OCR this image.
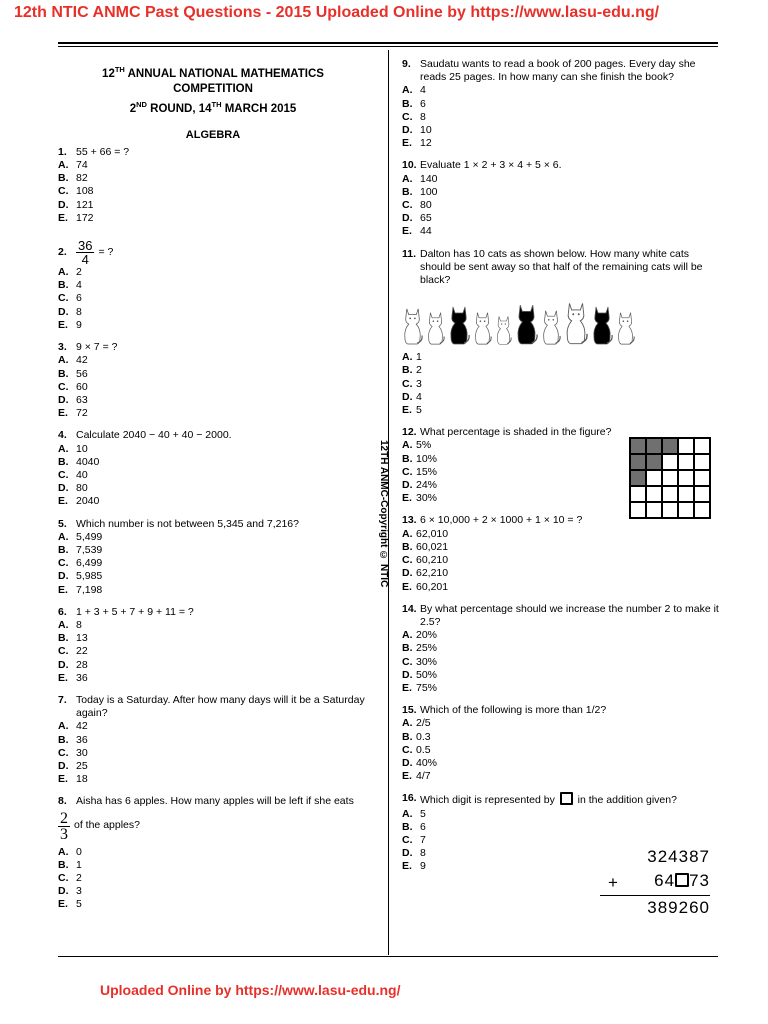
12th NTIC ANMC Past Questions - 2015 Uploaded Online by https://www.lasu-edu.ng/
12TH ANMC-Copyright © NTIC
Uploaded Online by https://www.lasu-edu.ng/
12TH ANNUAL NATIONAL MATHEMATICS
COMPETITION
2ND ROUND, 14TH MARCH 2015
ALGEBRA
1. 55 + 66 = ?
A. 74
B. 82
C. 108
D. 121
E. 172
2. $\frac{36}{4}$ = ?
A. 2
B. 4
C. 6
D. 8
E. 9
3. 9 × 7 = ?
A. 42
B. 56
C. 60
D. 63
E. 72
4. Calculate 2040 − 40 + 40 − 2000.
A. 10
B. 4040
C. 40
D. 80
E. 2040
5. Which number is not between 5,345 and 7,216?
A. 5,499
B. 7,539
C. 6,499
D. 5,985
E. 7,198
6. 1 + 3 + 5 + 7 + 9 + 11 = ?
A. 8
B. 13
C. 22
D. 28
E. 36
7. Today is a Saturday. After how many days will it be a Saturday again?
A. 42
B. 36
C. 30
D. 25
E. 18
8. Aisha has 6 apples. How many apples will be left if she eats
$\frac{2}{3}$ of the apples?
A. 0
B. 1
C. 2
D. 3
E. 5
9. Saudatu wants to read a book of 200 pages. Every day she reads 25 pages. In how many can she finish the book?
A. 4
B. 6
C. 8
D. 10
E. 12
10. Evaluate 1 × 2 + 3 × 4 + 5 × 6.
A. 140
B. 100
C. 80
D. 65
E. 44
11. Dalton has 10 cats as shown below. How many white cats should be sent away so that half of the remaining cats will be black?
A. 1
B. 2
C. 3
D. 4
E. 5
12. What percentage is shaded in the figure?
A. 5%
B. 10%
C. 15%
D. 24%
E. 30%
13. 6 × 10,000 + 2 × 1000 + 1 × 10 = ?
A. 62,010
B. 60,021
C. 60,210
D. 62,210
E. 60,201
14. By what percentage should we increase the number 2 to make it 2.5?
A. 20%
B. 25%
C. 30%
D. 50%
E. 75%
15. Which of the following is more than 1/2?
A. 2/5
B. 0.3
C. 0.5
D. 40%
E. 4/7
16. Which digit is represented by in the addition given?
A. 5
B. 6
C. 7
D. 8
E. 9
324387
+	64 73
389260
